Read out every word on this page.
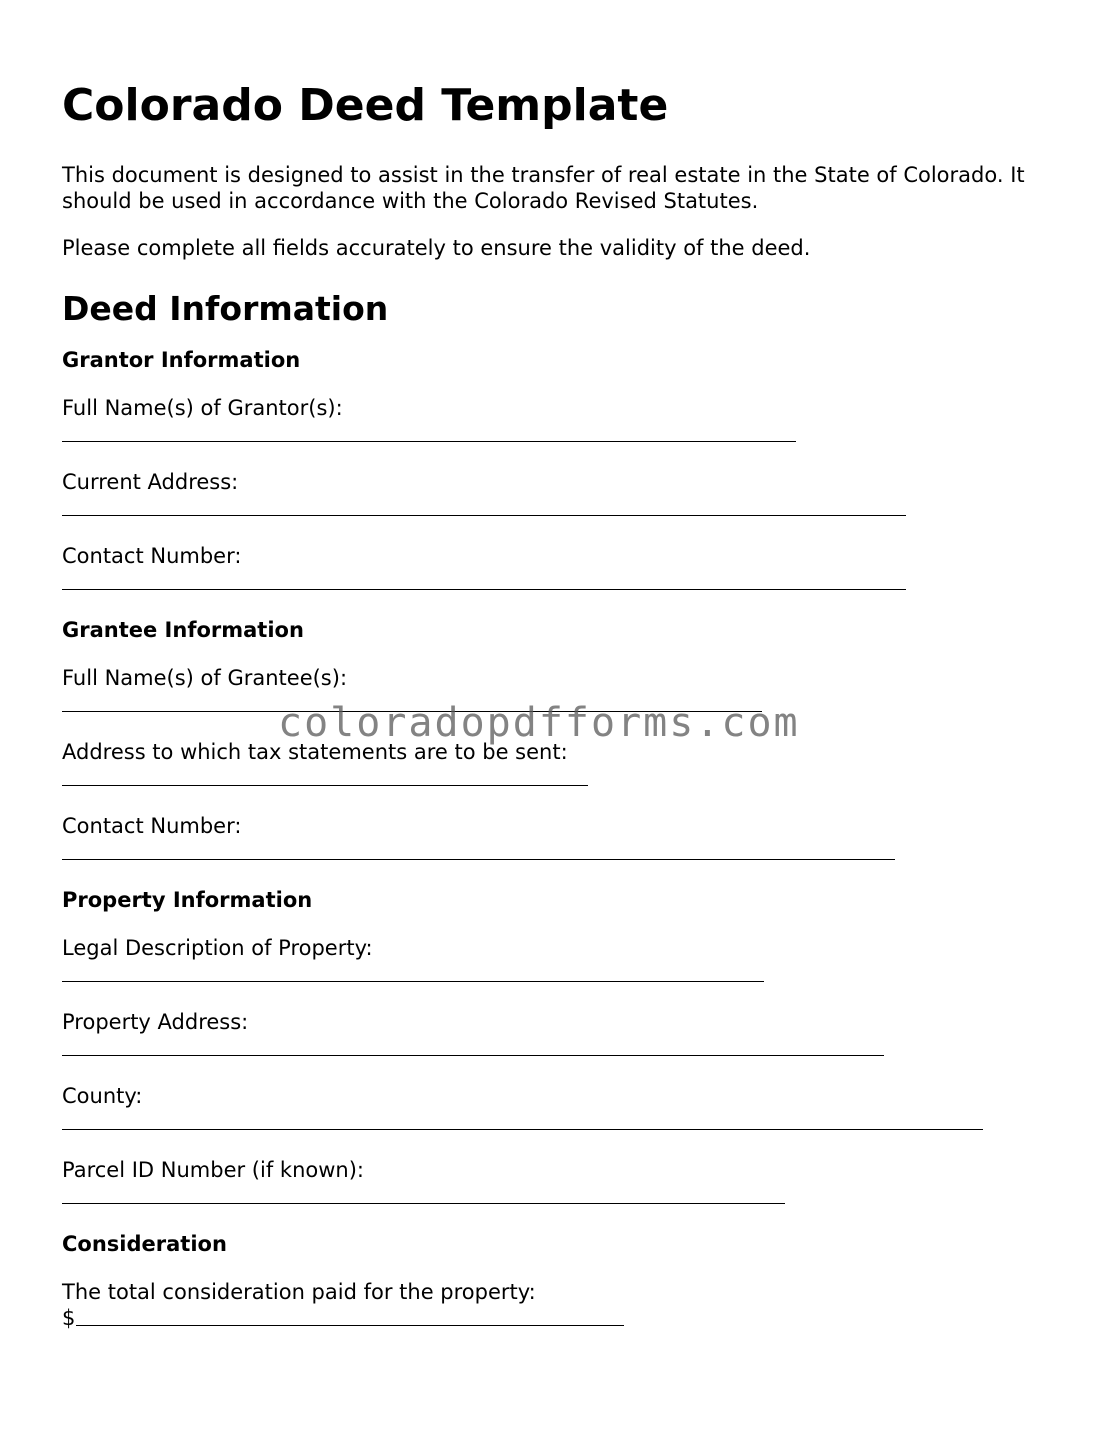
Colorado Deed Template

This document is designed to assist in the transfer of real estate in the State of Colorado. It should be used in accordance with the Colorado Revised Statutes.

Please complete all fields accurately to ensure the validity of the deed.

Deed Information
Grantor Information
Full Name(s) of Grantor(s):
Current Address:
Contact Number:
Grantee Information
Full Name(s) of Grantee(s):
Address to which tax statements are to be sent:
Contact Number:
Property Information
Legal Description of Property:
Property Address:
County:
Parcel ID Number (if known):
Consideration
The total consideration paid for the property:
$
coloradopdfforms.com
